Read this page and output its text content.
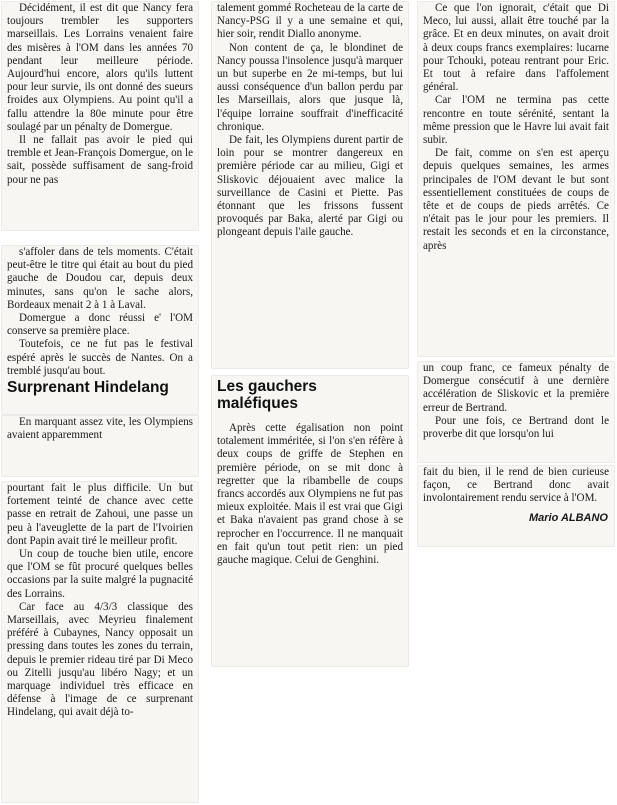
Décidément, il est dit que Nancy fera toujours trembler les supporters marseillais. Les Lorrains venaient faire des misères à l'OM dans les années 70 pendant leur meilleure période. Aujourd'hui encore, alors qu'ils luttent pour leur survie, ils ont donné des sueurs froides aux Olympiens. Au point qu'il a fallu attendre la 80e minute pour être soulagé par un pénalty de Domergue.

Il ne fallait pas avoir le pied qui tremble et Jean-François Domergue, on le sait, possède suffisament de sang-froid pour ne pas

s'affoler dans de tels moments. C'était peut-être le titre qui était au bout du pied gauche de Doudou car, depuis deux minutes, sans qu'on le sache alors, Bordeaux menait 2 à 1 à Laval.

Domergue a donc réussi e' l'OM conserve sa première place.

Toutefois, ce ne fut pas le festival espéré après le succès de Nantes. On a tremblé jusqu'au bout.

Surprenant Hindelang

En marquant assez vite, les Olympiens avaient apparemment

pourtant fait le plus difficile. Un but fortement teinté de chance avec cette passe en retrait de Zahoui, une passe un peu à l'aveuglette de la part de l'Ivoirien dont Papin avait tiré le meilleur profit.

Un coup de touche bien utile, encore que l'OM se fût procuré quelques belles occasions par la suite malgré la pugnacité des Lorrains.

Car face au 4/3/3 classique des Marseillais, avec Meyrieu finalement préféré à Cubaynes, Nancy opposait un pressing dans toutes les zones du terrain, depuis le premier rideau tiré par Di Meco ou Zitelli jusqu'au libéro Nagy; et un marquage individuel très efficace en défense à l'image de ce surprenant Hindelang, qui avait déjà to-

talement gommé Rocheteau de la carte de Nancy-PSG il y a une semaine et qui, hier soir, rendit Diallo anonyme.

Non content de ça, le blondinet de Nancy poussa l'insolence jusqu'à marquer un but superbe en 2e mi-temps, but lui aussi conséquence d'un ballon perdu par les Marseillais, alors que jusque là, l'équipe lorraine souffrait d'inefficacité chronique.

De fait, les Olympiens durent partir de loin pour se montrer dangereux en première période car au milieu, Gigi et Sliskovic déjouaient avec malice la surveillance de Casini et Piette. Pas étonnant que les frissons fussent provoqués par Baka, alerté par Gigi ou plongeant depuis l'aile gauche.

Les gauchers maléfiques

Après cette égalisation non point totalement imméritée, si l'on s'en réfère à deux coups de griffe de Stephen en première période, on se mit donc à regretter que la ribambelle de coups francs accordés aux Olympiens ne fut pas mieux exploitée. Mais il est vrai que Gigi et Baka n'avaient pas grand chose à se reprocher en l'occurrence. Il ne manquait en fait qu'un tout petit rien: un pied gauche magique. Celui de Genghini.

Ce que l'on ignorait, c'était que Di Meco, lui aussi, allait être touché par la grâce. Et en deux minutes, on avait droit à deux coups francs exemplaires: lucarne pour Tchouki, poteau rentrant pour Eric. Et tout à refaire dans l'affolement général.

Car l'OM ne termina pas cette rencontre en toute sérénité, sentant la même pression que le Havre lui avait fait subir.

De fait, comme on s'en est aperçu depuis quelques semaines, les armes principales de l'OM devant le but sont essentiellement constituées de coups de tête et de coups de pieds arrêtés. Ce n'était pas le jour pour les premiers. Il restait les seconds et en la circonstance, après

un coup franc, ce fameux pénalty de Domergue consécutif à une dernière accélération de Sliskovic et la première erreur de Bertrand.

Pour une fois, ce Bertrand dont le proverbe dit que lorsqu'on lui

fait du bien, il le rend de bien curieuse façon, ce Bertrand donc avait involontairement rendu service à l'OM.

Mario ALBANO
